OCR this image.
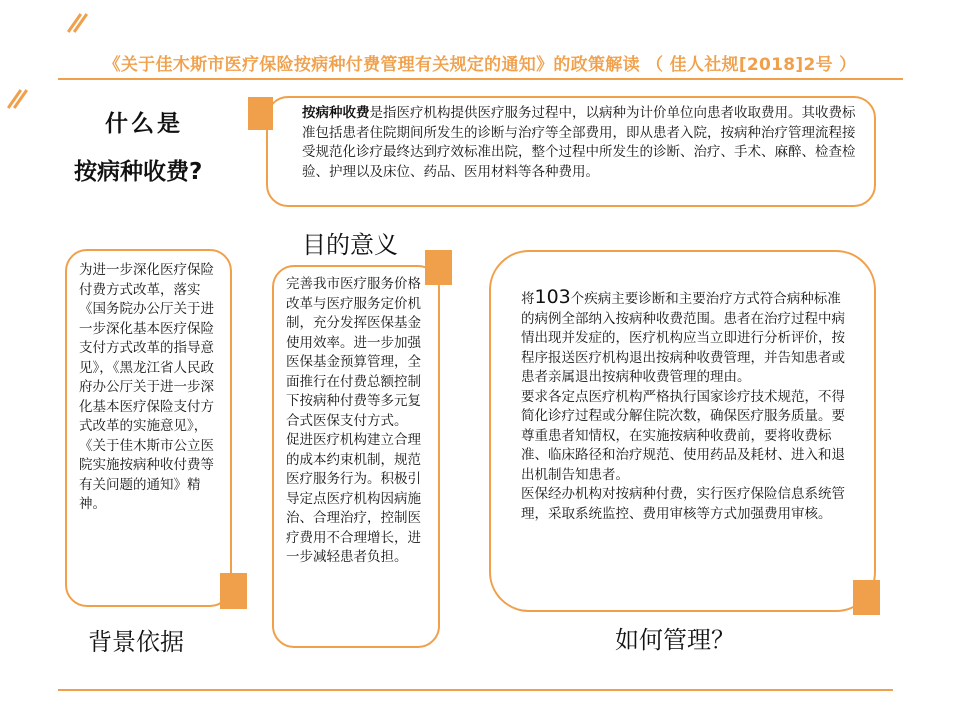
《关于佳木斯市医疗保险按病种付费管理有关规定的通知》的政策解读 （ 佳人社规[2018]2号 ）
什么是
按病种收费?

按病种收费是指医疗机构提供医疗服务过程中，以病种为计价单位向患者收取费用。其收费标准包括患者住院期间所发生的诊断与治疗等全部费用，即从患者入院，按病种治疗管理流程接受规范化诊疗最终达到疗效标准出院，整个过程中所发生的诊断、治疗、手术、麻醉、检查检验、护理以及床位、药品、医用材料等各种费用。

目的意义

为进一步深化医疗保险付费方式改革，落实《国务院办公厅关于进一步深化基本医疗保险支付方式改革的指导意见》，《黑龙江省人民政府办公厅关于进一步深化基本医疗保险支付方式改革的实施意见》，《关于佳木斯市公立医院实施按病种收付费等有关问题的通知》精神。

背景依据

完善我市医疗服务价格改革与医疗服务定价机制，充分发挥医保基金使用效率。进一步加强医保基金预算管理，全面推行在付费总额控制下按病种付费等多元复合式医保支付方式。

促进医疗机构建立合理的成本约束机制，规范医疗服务行为。积极引导定点医疗机构因病施治、合理治疗，控制医疗费用不合理增长，进一步减轻患者负担。

将103个疾病主要诊断和主要治疗方式符合病种标准的病例全部纳入按病种收费范围。患者在治疗过程中病情出现并发症的，医疗机构应当立即进行分析评价，按程序报送医疗机构退出按病种收费管理，并告知患者或患者亲属退出按病种收费管理的理由。

要求各定点医疗机构严格执行国家诊疗技术规范，不得简化诊疗过程或分解住院次数，确保医疗服务质量。要尊重患者知情权，在实施按病种收费前，要将收费标准、临床路径和治疗规范、使用药品及耗材、进入和退出机制告知患者。

医保经办机构对按病种付费，实行医疗保险信息系统管理，采取系统监控、费用审核等方式加强费用审核。

如何管理？
